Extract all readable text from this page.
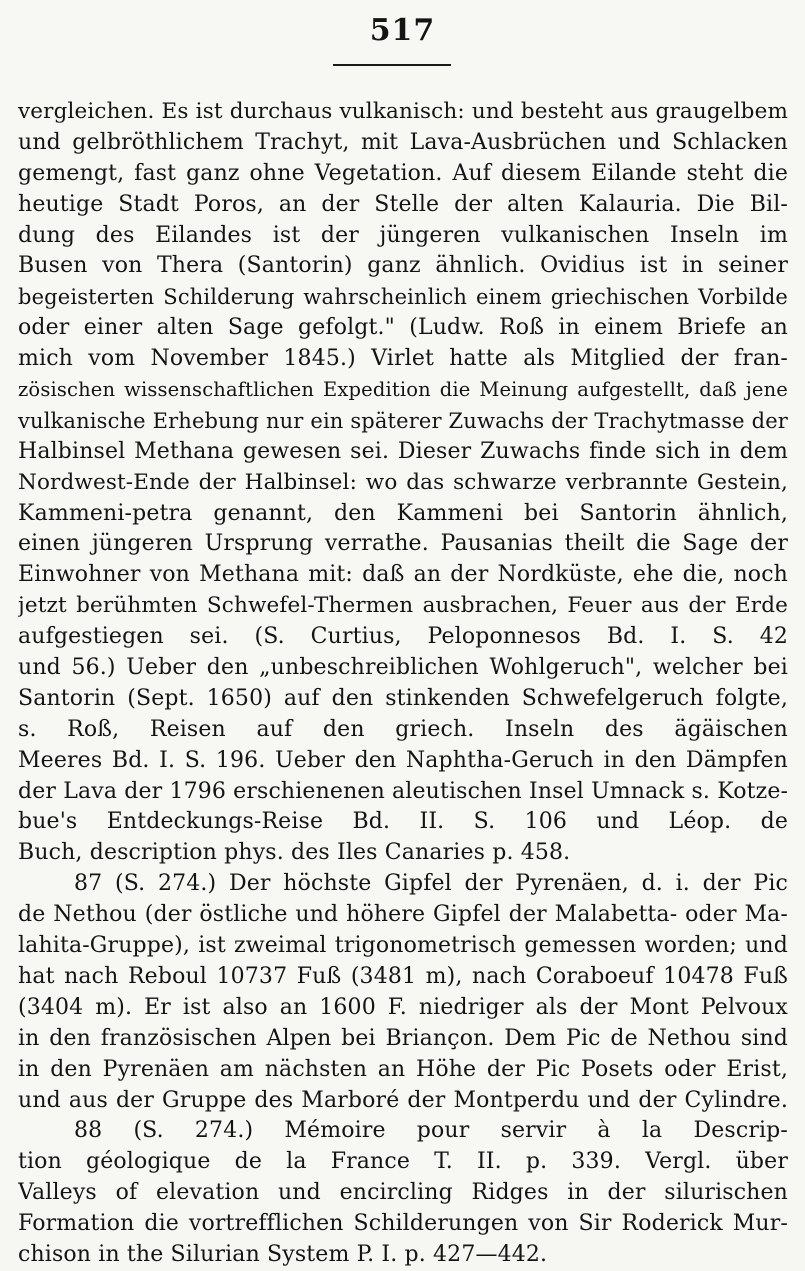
517
vergleichen. Es ist durchaus vulkanisch: und besteht aus graugelbem
und gelbröthlichem Trachyt, mit Lava-Ausbrüchen und Schlacken
gemengt, fast ganz ohne Vegetation. Auf diesem Eilande steht die
heutige Stadt Poros, an der Stelle der alten Kalauria. Die Bil-
dung des Eilandes ist der jüngeren vulkanischen Inseln im
Busen von Thera (Santorin) ganz ähnlich. Ovidius ist in seiner
begeisterten Schilderung wahrscheinlich einem griechischen Vorbilde
oder einer alten Sage gefolgt." (Ludw. Roß in einem Briefe an
mich vom November 1845.) Virlet hatte als Mitglied der fran-
zösischen wissenschaftlichen Expedition die Meinung aufgestellt, daß jene
vulkanische Erhebung nur ein späterer Zuwachs der Trachytmasse der
Halbinsel Methana gewesen sei. Dieser Zuwachs finde sich in dem
Nordwest-Ende der Halbinsel: wo das schwarze verbrannte Gestein,
Kammeni-petra genannt, den Kammeni bei Santorin ähnlich,
einen jüngeren Ursprung verrathe. Pausanias theilt die Sage der
Einwohner von Methana mit: daß an der Nordküste, ehe die, noch
jetzt berühmten Schwefel-Thermen ausbrachen, Feuer aus der Erde
aufgestiegen sei. (S. Curtius, Peloponnesos Bd. I. S. 42
und 56.) Ueber den „unbeschreiblichen Wohlgeruch", welcher bei
Santorin (Sept. 1650) auf den stinkenden Schwefelgeruch folgte,
s. Roß, Reisen auf den griech. Inseln des ägäischen
Meeres Bd. I. S. 196. Ueber den Naphtha-Geruch in den Dämpfen
der Lava der 1796 erschienenen aleutischen Insel Umnack s. Kotze-
bue's Entdeckungs-Reise Bd. II. S. 106 und Léop. de
Buch, description phys. des Iles Canaries p. 458.
87 (S. 274.) Der höchste Gipfel der Pyrenäen, d. i. der Pic
de Nethou (der östliche und höhere Gipfel der Malabetta- oder Ma-
lahita-Gruppe), ist zweimal trigonometrisch gemessen worden; und
hat nach Reboul 10737 Fuß (3481 m), nach Coraboeuf 10478 Fuß
(3404 m). Er ist also an 1600 F. niedriger als der Mont Pelvoux
in den französischen Alpen bei Briançon. Dem Pic de Nethou sind
in den Pyrenäen am nächsten an Höhe der Pic Posets oder Erist,
und aus der Gruppe des Marboré der Montperdu und der Cylindre.
88 (S. 274.) Mémoire pour servir à la Descrip-
tion géologique de la France T. II. p. 339. Vergl. über
Valleys of elevation und encircling Ridges in der silurischen
Formation die vortrefflichen Schilderungen von Sir Roderick Mur-
chison in the Silurian System P. I. p. 427—442.
